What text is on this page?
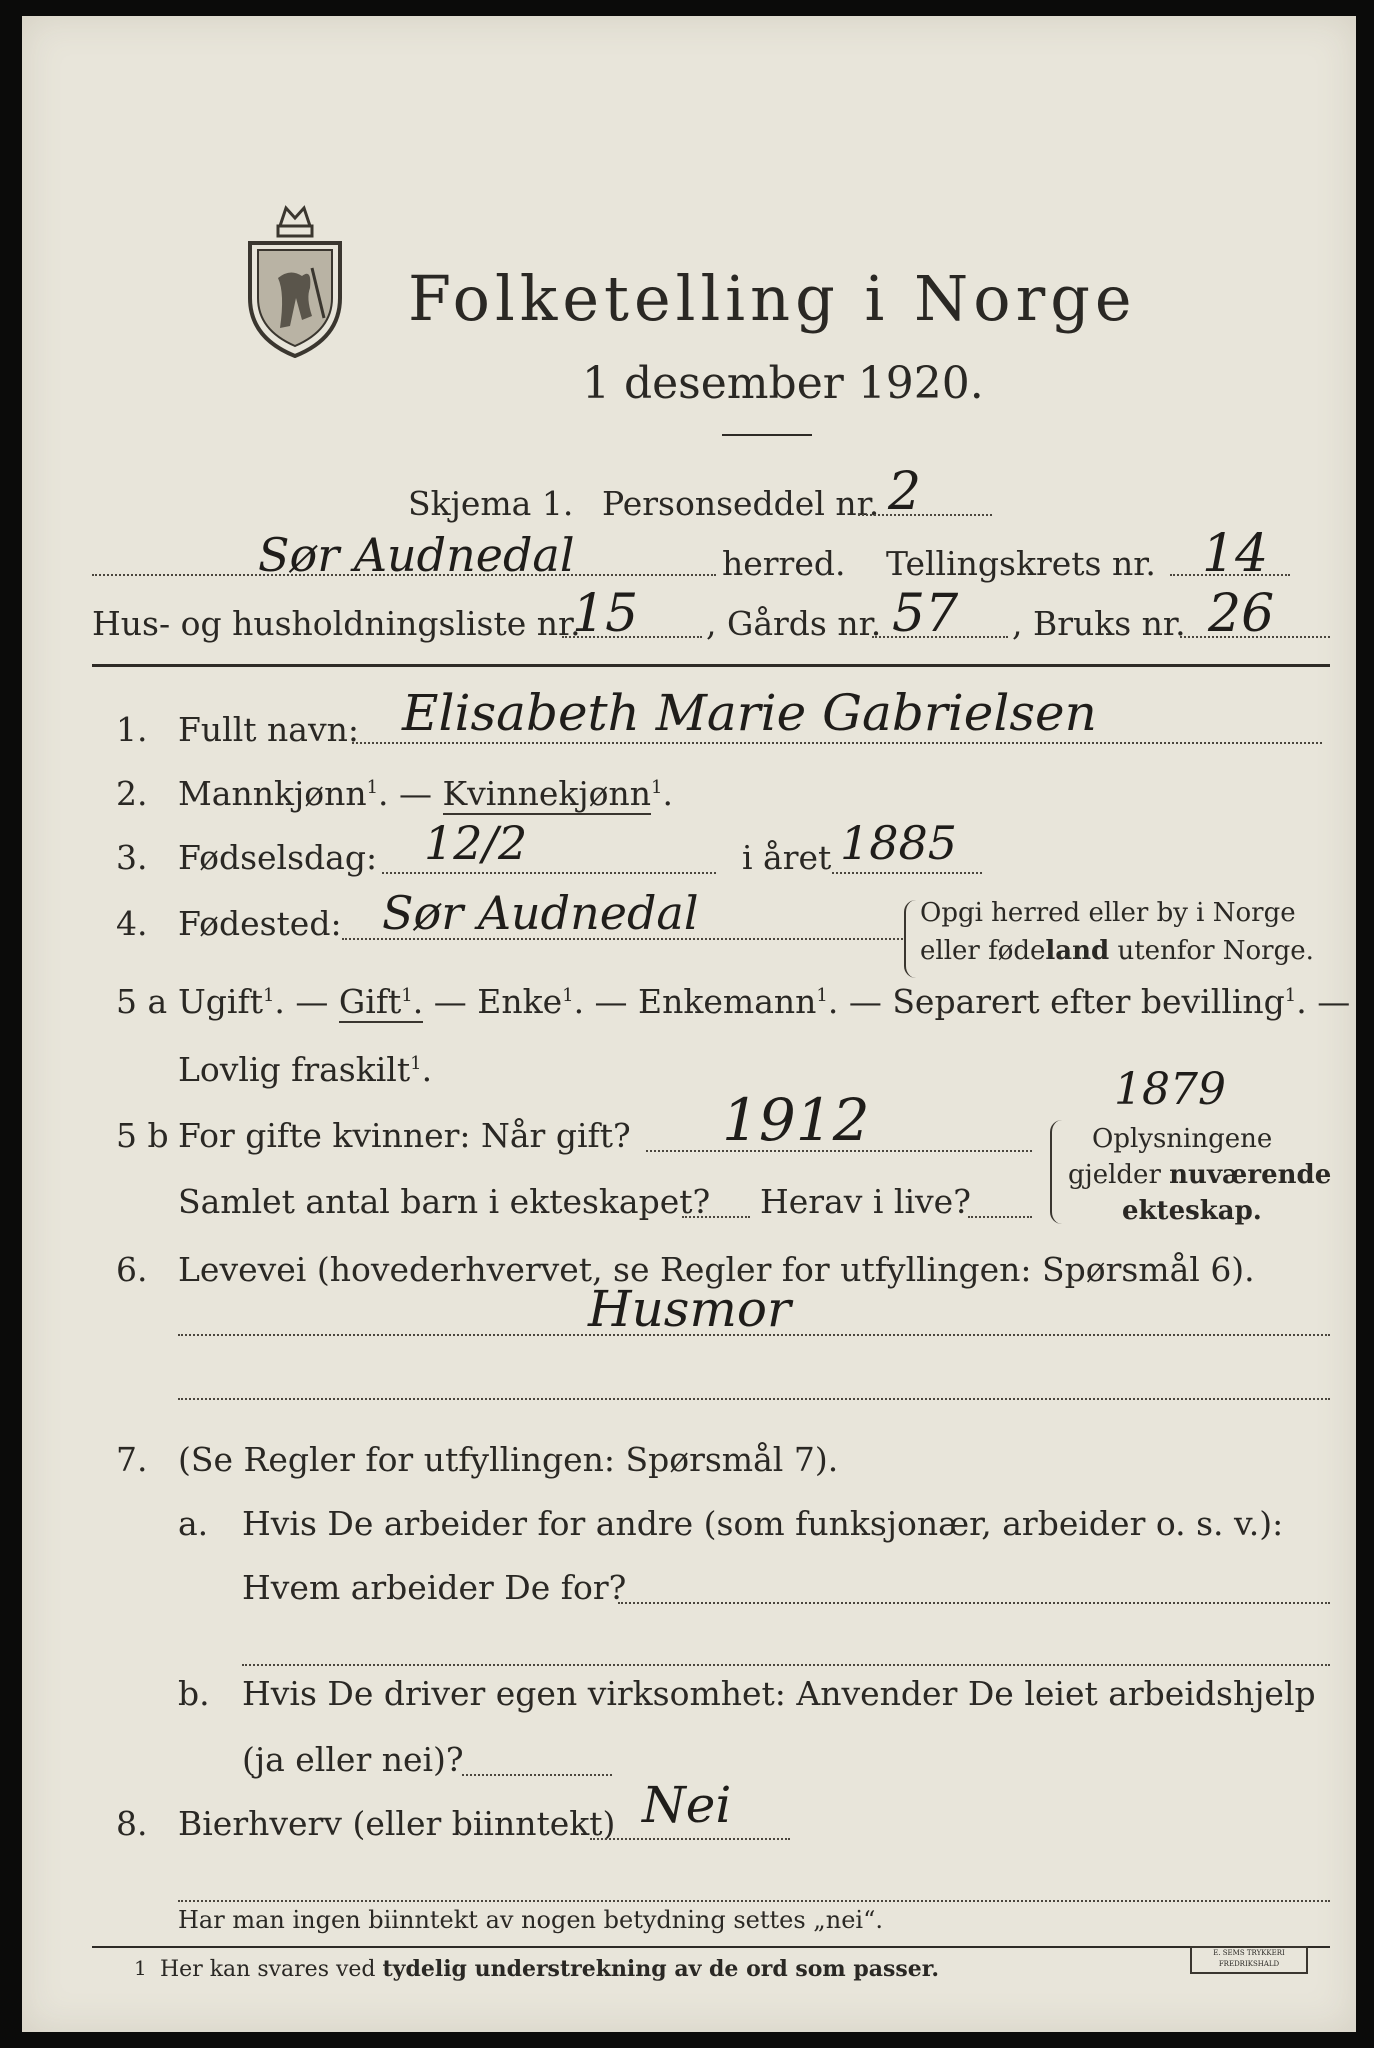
Folketelling i Norge
1 desember 1920.
Skjema 1. Personseddel nr. 2
Sør Audnedal	herred. Tellingskrets nr. 14
Hus- og husholdningsliste nr.
15 , Gårds nr. 57 , Bruks nr. 26
1. Fullt navn: Elisabeth Marie Gabrielsen
2. Mannkjønn$^1$. — Kvinnekjønn$^1$.
3. Fødselsdag: 12/2	i året 1885
4. Fødested: Sør Audnedal	Opgi herred eller by i Norge
eller fødeland utenfor Norge.
5 a Ugift$^1$. — Gift$^1$. — Enke$^1$. — Enkemann$^1$. — Separert efter bevilling$^1$. —
Lovlig fraskilt$^1$.
5 b For gifte kvinner: Når gift? 1912	1879
Samlet antal barn i ekteskapet? Herav i live?
Oplysningene
gjelder nuværende
ekteskap.
6. Levevei (hovederhvervet, se Regler for utfyllingen: Spørsmål 6).
Husmor
7. (Se Regler for utfyllingen: Spørsmål 7).
a. Hvis De arbeider for andre (som funksjonær, arbeider o. s. v.):
Hvem arbeider De for?
b. Hvis De driver egen virksomhet: Anvender De leiet arbeidshjelp
(ja eller nei)?
8. Bierhverv (eller biinntekt) Nei
Har man ingen biinntekt av nogen betydning settes „nei“.
1 Her kan svares ved tydelig understrekning av de ord som passer.
E. SEMS TRYKKERI
FREDRIKSHALD
